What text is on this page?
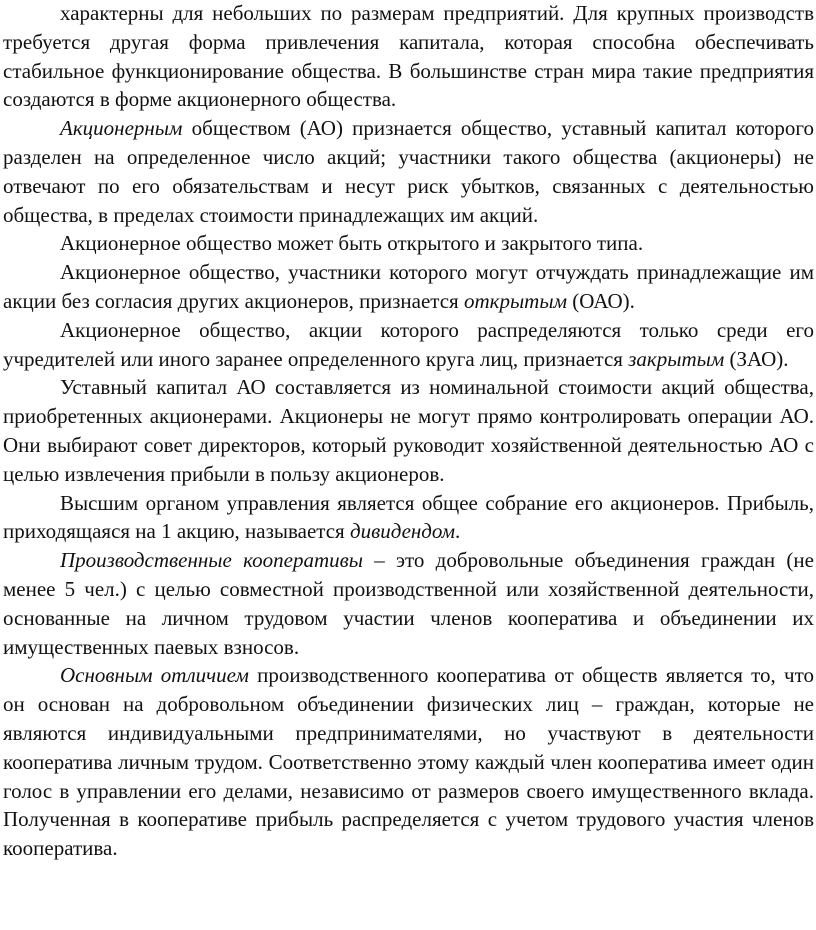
характерны для небольших по размерам предприятий. Для крупных производств требуется другая форма привлечения капитала, которая способна обеспечивать стабильное функционирование общества. В большинстве стран мира такие предприятия создаются в форме акционерного общества.

Акционерным обществом (АО) признается общество, уставный капитал которого разделен на определенное число акций; участники такого общества (акционеры) не отвечают по его обязательствам и несут риск убытков, связанных с деятельностью общества, в пределах стоимости принадлежащих им акций.

Акционерное общество может быть открытого и закрытого типа.

Акционерное общество, участники которого могут отчуждать принадлежащие им акции без согласия других акционеров, признается открытым (ОАО).

Акционерное общество, акции которого распределяются только среди его учредителей или иного заранее определенного круга лиц, признается закрытым (ЗАО).

Уставный капитал АО составляется из номинальной стоимости акций общества, приобретенных акционерами. Акционеры не могут прямо контролировать операции АО. Они выбирают совет директоров, который руководит хозяйственной деятельностью АО с целью извлечения прибыли в пользу акционеров.

Высшим органом управления является общее собрание его акционеров. Прибыль, приходящаяся на 1 акцию, называется дивидендом.

Производственные кооперативы – это добровольные объединения граждан (не менее 5 чел.) с целью совместной производственной или хозяйственной деятельности, основанные на личном трудовом участии членов кооператива и объединении их имущественных паевых взносов.

Основным отличием производственного кооператива от обществ является то, что он основан на добровольном объединении физических лиц – граждан, которые не являются индивидуальными предпринимателями, но участвуют в деятельности кооператива личным трудом. Соответственно этому каждый член кооператива имеет один голос в управлении его делами, независимо от размеров своего имущественного вклада. Полученная в кооперативе прибыль распределяется с учетом трудового участия членов кооператива.
